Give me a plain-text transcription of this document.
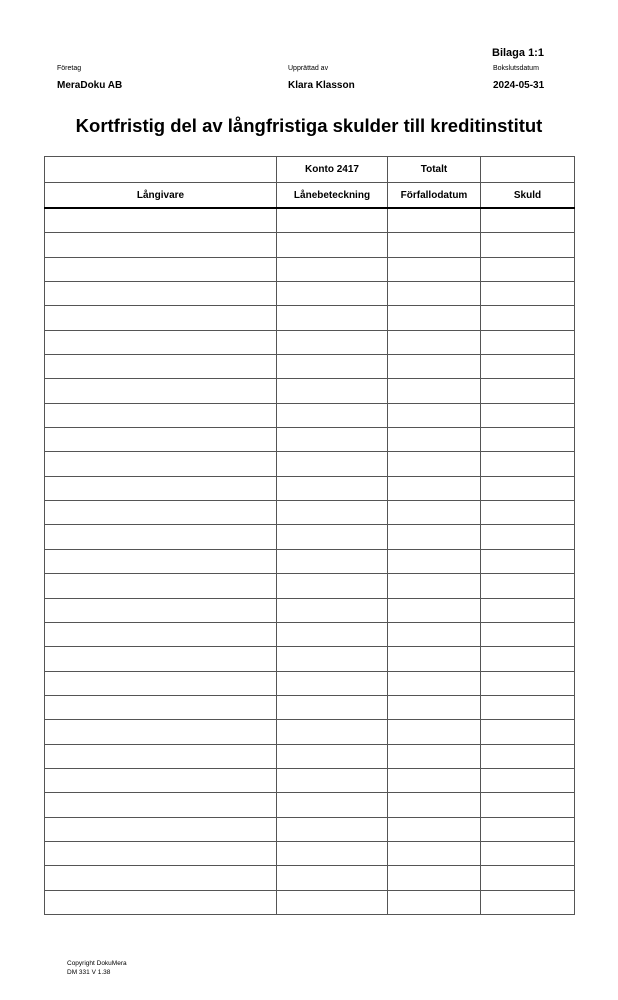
Bilaga 1:1
Företag	Upprättad av	Bokslutsdatum
MeraDoku AB	Klara Klasson	2024-05-31
Kortfristig del av långfristiga skulder till kreditinstitut
	Konto 2417	Totalt	
Långivare	Lånebeteckning	Förfallodatum	Skuld

Copyright DokuMera
DM 331 V 1.38
